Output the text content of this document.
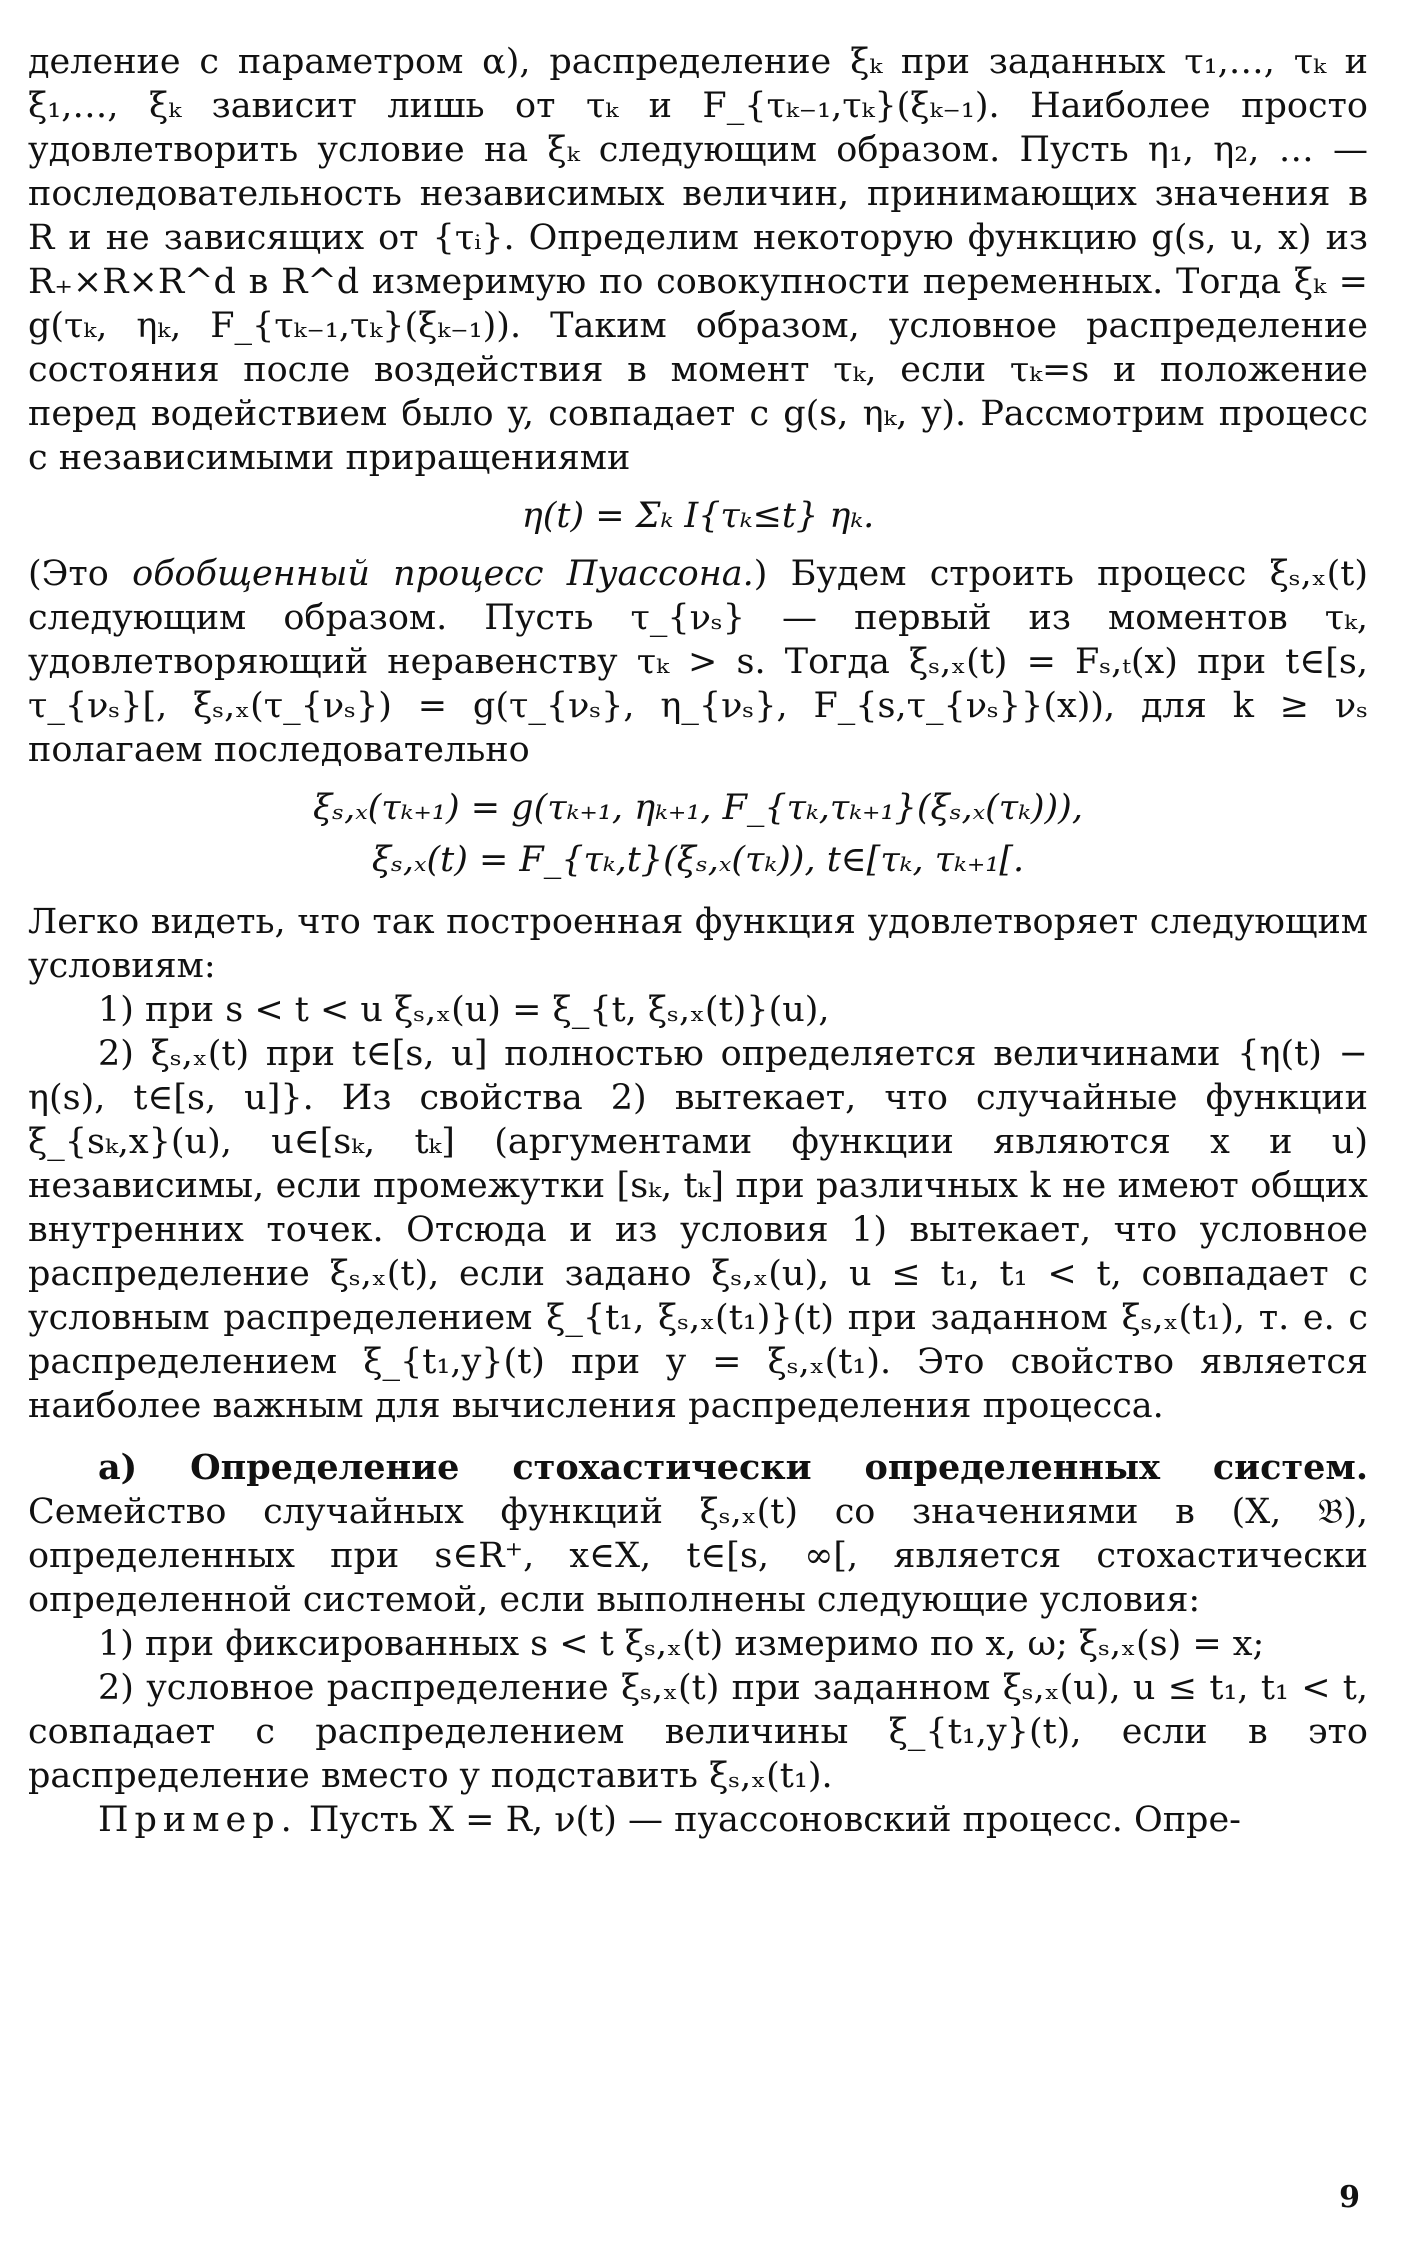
деление с параметром α), распределение ξₖ при заданных τ₁,…, τₖ и ξ₁,…, ξₖ зависит лишь от τₖ и F_{τₖ₋₁,τₖ}(ξₖ₋₁). Наиболее просто удовлетворить условие на ξₖ следующим образом. Пусть η₁, η₂, … — последовательность независимых величин, принимающих значения в R и не зависящих от {τᵢ}. Определим некоторую функцию g(s, u, x) из R₊×R×R^d в R^d измеримую по совокупности переменных. Тогда ξₖ = g(τₖ, ηₖ, F_{τₖ₋₁,τₖ}(ξₖ₋₁)). Таким образом, условное распределение состояния после воздействия в момент τₖ, если τₖ=s и положение перед водействием было y, совпадает с g(s, ηₖ, y). Рассмотрим процесс с независимыми приращениями

η(t) = Σₖ I{τₖ≤t} ηₖ.

(Это обобщенный процесс Пуассона.) Будем строить процесс ξₛ,ₓ(t) следующим образом. Пусть τ_{νₛ} — первый из моментов τₖ, удовлетворяющий неравенству τₖ > s. Тогда ξₛ,ₓ(t) = Fₛ,ₜ(x) при t∈[s, τ_{νₛ}[, ξₛ,ₓ(τ_{νₛ}) = g(τ_{νₛ}, η_{νₛ}, F_{s,τ_{νₛ}}(x)), для k ≥ νₛ полагаем последовательно

ξₛ,ₓ(τₖ₊₁) = g(τₖ₊₁, ηₖ₊₁, F_{τₖ,τₖ₊₁}(ξₛ,ₓ(τₖ))),
ξₛ,ₓ(t) = F_{τₖ,t}(ξₛ,ₓ(τₖ)), t∈[τₖ, τₖ₊₁[.

Легко видеть, что так построенная функция удовлетворяет следующим условиям:

1) при s < t < u ξₛ,ₓ(u) = ξ_{t, ξₛ,ₓ(t)}(u),

2) ξₛ,ₓ(t) при t∈[s, u] полностью определяется величинами {η(t) − η(s), t∈[s, u]}. Из свойства 2) вытекает, что случайные функции ξ_{sₖ,x}(u), u∈[sₖ, tₖ] (аргументами функции являются x и u) независимы, если промежутки [sₖ, tₖ] при различных k не имеют общих внутренних точек. Отсюда и из условия 1) вытекает, что условное распределение ξₛ,ₓ(t), если задано ξₛ,ₓ(u), u ≤ t₁, t₁ < t, совпадает с условным распределением ξ_{t₁, ξₛ,ₓ(t₁)}(t) при заданном ξₛ,ₓ(t₁), т. е. с распределением ξ_{t₁,y}(t) при y = ξₛ,ₓ(t₁). Это свойство является наиболее важным для вычисления распределения процесса.

а) Определение стохастически определенных систем. Семейство случайных функций ξₛ,ₓ(t) со значениями в (X, 𝔅), определенных при s∈R⁺, x∈X, t∈[s, ∞[, является стохастически определенной системой, если выполнены следующие условия:

1) при фиксированных s < t ξₛ,ₓ(t) измеримо по x, ω; ξₛ,ₓ(s) = x;

2) условное распределение ξₛ,ₓ(t) при заданном ξₛ,ₓ(u), u ≤ t₁, t₁ < t, совпадает с распределением величины ξ_{t₁,y}(t), если в это распределение вместо y подставить ξₛ,ₓ(t₁).

Пример. Пусть X = R, ν(t) — пуассоновский процесс. Опре-

9
